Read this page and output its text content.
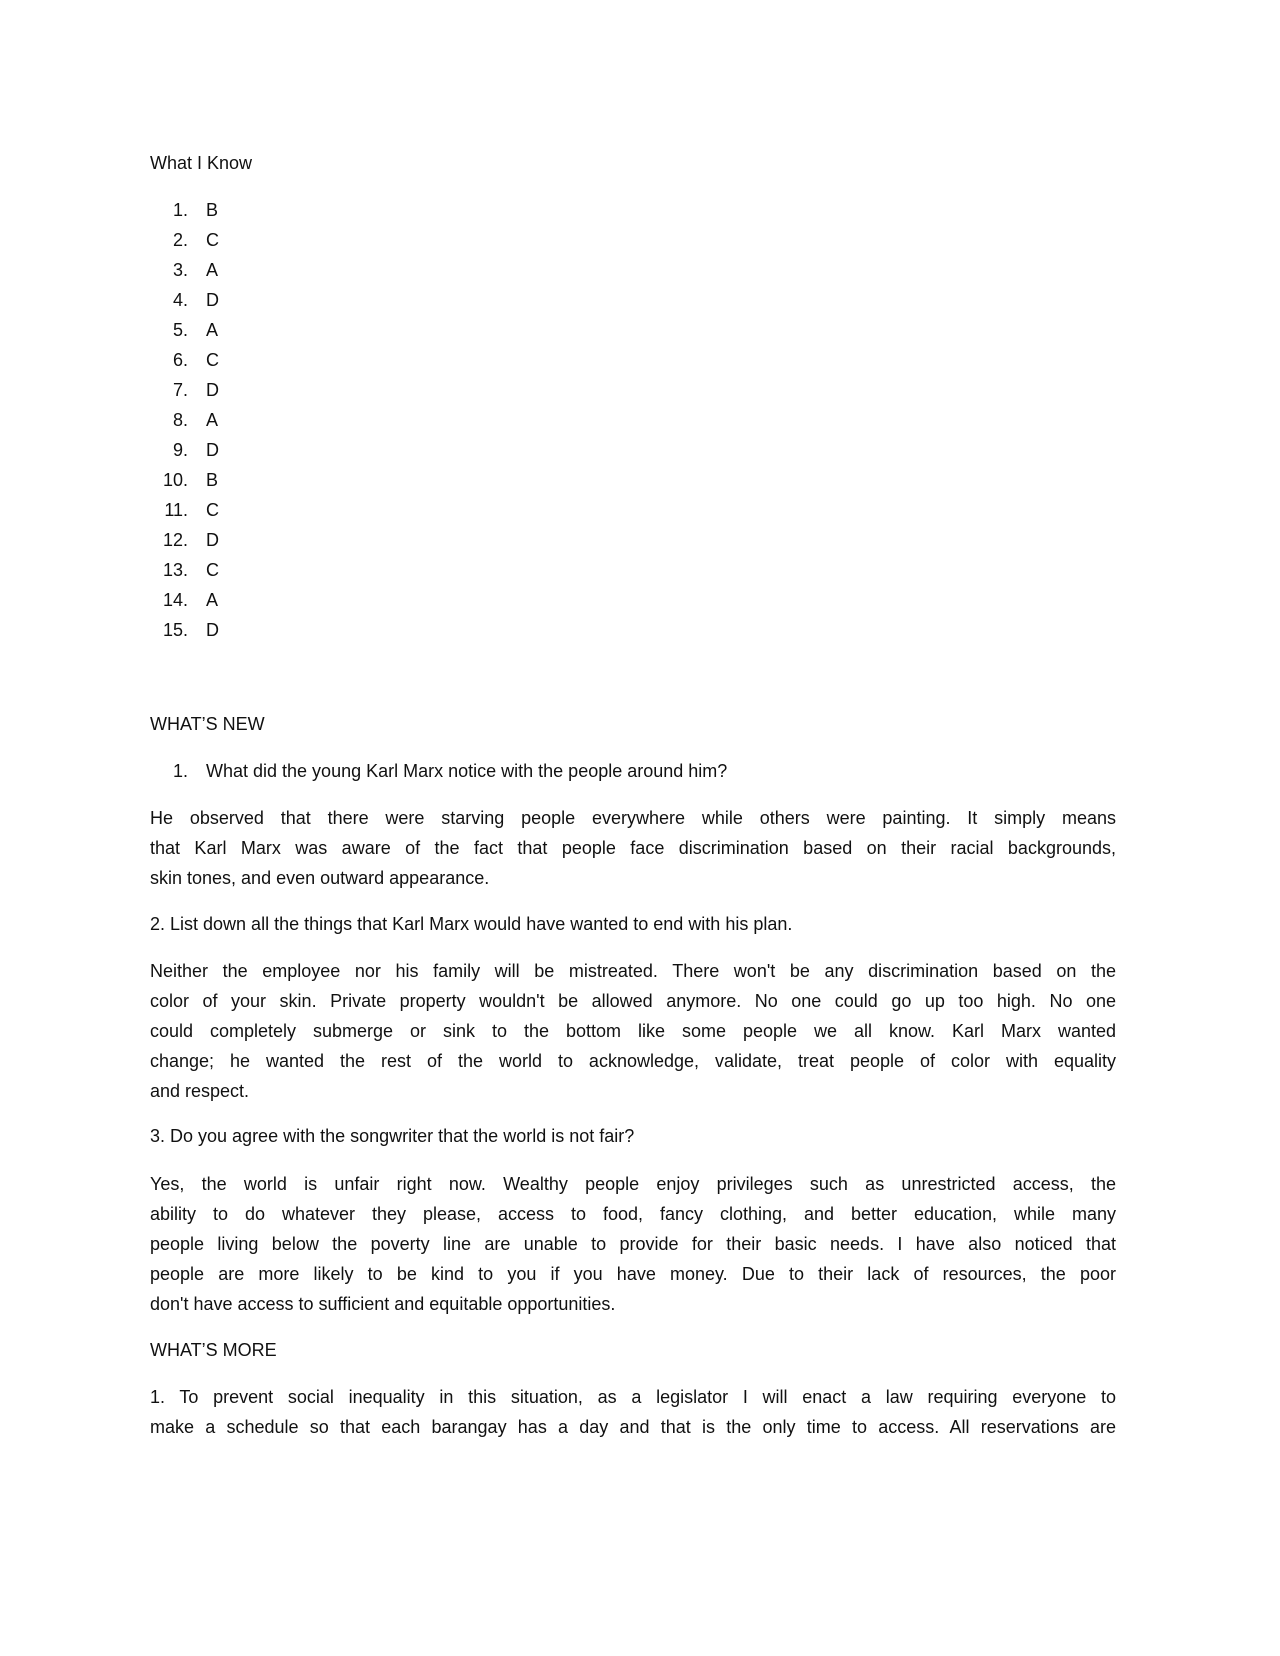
What I Know
1. B
2. C
3. A
4. D
5. A
6. C
7. D
8. A
9. D
10. B
11. C
12. D
13. C
14. A
15. D
WHAT’S NEW
1. What did the young Karl Marx notice with the people around him?
He observed that there were starving people everywhere while others were painting. It simply means
that Karl Marx was aware of the fact that people face discrimination based on their racial backgrounds,
skin tones, and even outward appearance.
2. List down all the things that Karl Marx would have wanted to end with his plan.
Neither the employee nor his family will be mistreated. There won't be any discrimination based on the
color of your skin. Private property wouldn't be allowed anymore. No one could go up too high. No one
could completely submerge or sink to the bottom like some people we all know. Karl Marx wanted
change; he wanted the rest of the world to acknowledge, validate, treat people of color with equality
and respect.
3. Do you agree with the songwriter that the world is not fair?
Yes, the world is unfair right now. Wealthy people enjoy privileges such as unrestricted access, the
ability to do whatever they please, access to food, fancy clothing, and better education, while many
people living below the poverty line are unable to provide for their basic needs. I have also noticed that
people are more likely to be kind to you if you have money. Due to their lack of resources, the poor
don't have access to sufficient and equitable opportunities.
WHAT’S MORE
1. To prevent social inequality in this situation, as a legislator I will enact a law requiring everyone to
make a schedule so that each barangay has a day and that is the only time to access. All reservations are
